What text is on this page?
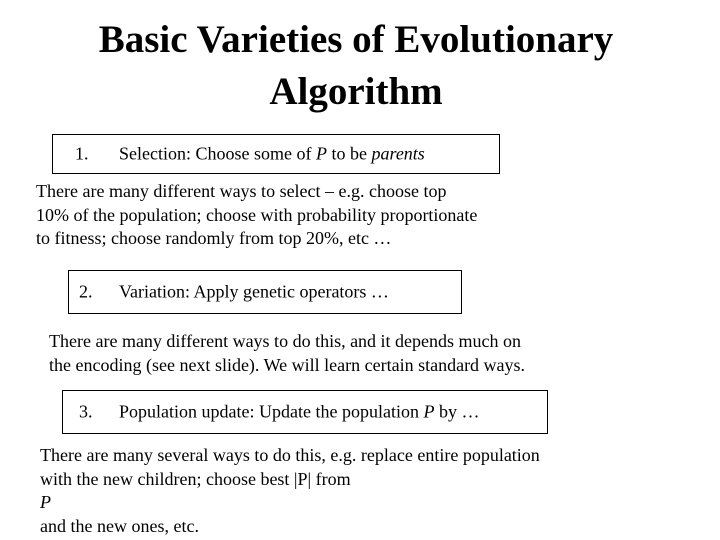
Basic Varieties of Evolutionary
Algorithm
1. Selection: Choose some of P to be parents

There are many different ways to select – e.g. choose top
10% of the population; choose with probability proportionate
to fitness; choose randomly from top 20%, etc …

2. Variation: Apply genetic operators …

There are many different ways to do this, and it depends much on
the encoding (see next slide). We will learn certain standard ways.

3. Population update: Update the population P by …

There are many several ways to do this, e.g. replace entire population
with the new children; choose best |P| from
P
and the new ones, etc.
